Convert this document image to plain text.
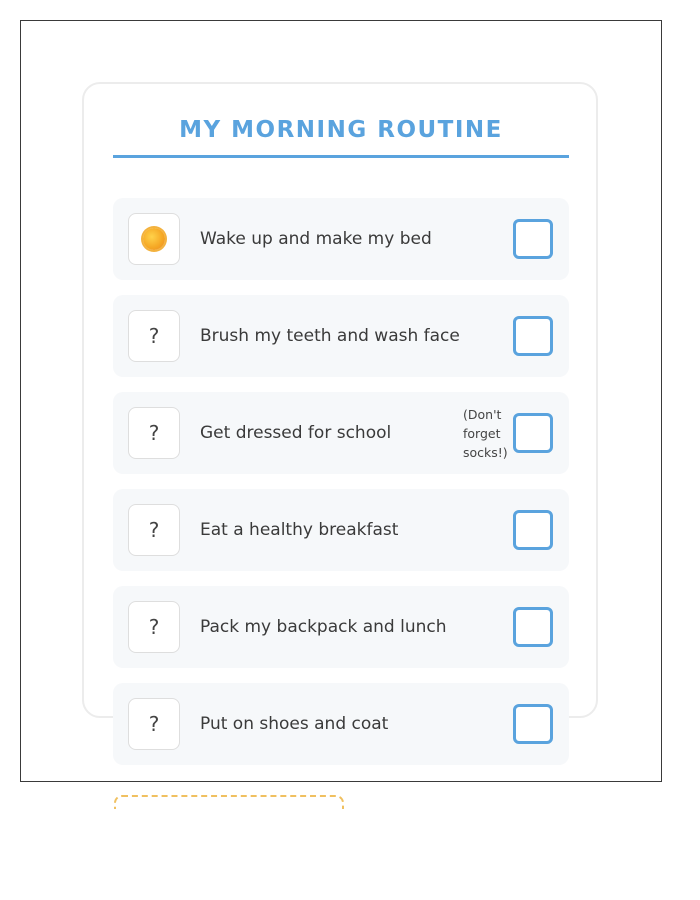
MY MORNING ROUTINE
Wake up and make my bed
?	Brush my teeth and wash face
?	Get dressed for school
(Don't forget socks!)
?	Eat a healthy breakfast
?	Pack my backpack and lunch
?	Put on shoes and coat
